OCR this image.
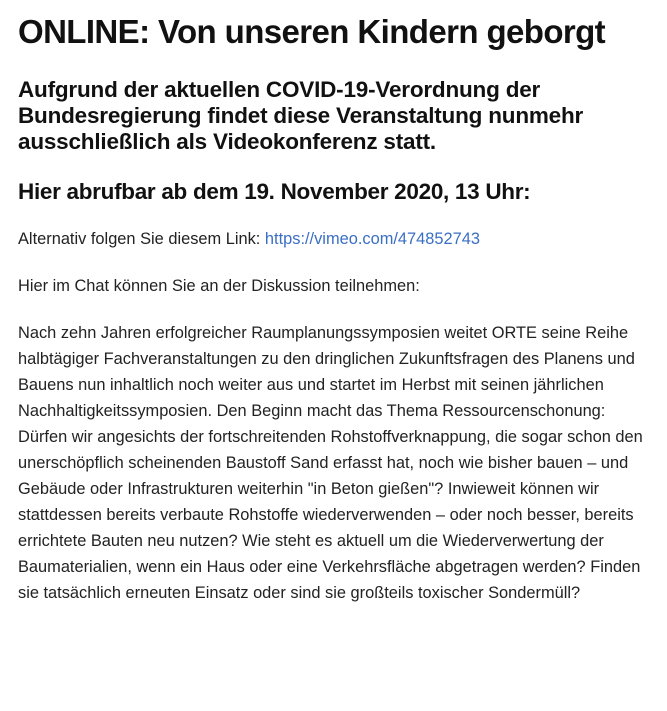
ONLINE: Von unseren Kindern geborgt
Aufgrund der aktuellen COVID-19-Verordnung der Bundesregierung findet diese Veranstaltung nunmehr ausschließlich als Videokonferenz statt.
Hier abrufbar ab dem 19. November 2020, 13 Uhr:

Alternativ folgen Sie diesem Link: https://vimeo.com/474852743

Hier im Chat können Sie an der Diskussion teilnehmen:

Nach zehn Jahren erfolgreicher Raumplanungssymposien weitet ORTE seine Reihe halbtägiger Fachveranstaltungen zu den dringlichen Zukunftsfragen des Planens und Bauens nun inhaltlich noch weiter aus und startet im Herbst mit seinen jährlichen Nachhaltigkeitssymposien. Den Beginn macht das Thema Ressourcenschonung: Dürfen wir angesichts der fortschreitenden Rohstoffverknappung, die sogar schon den unerschöpflich scheinenden Baustoff Sand erfasst hat, noch wie bisher bauen – und Gebäude oder Infrastrukturen weiterhin "in Beton gießen"? Inwieweit können wir stattdessen bereits verbaute Rohstoffe wiederverwenden – oder noch besser, bereits errichtete Bauten neu nutzen? Wie steht es aktuell um die Wiederverwertung der Baumaterialien, wenn ein Haus oder eine Verkehrsfläche abgetragen werden? Finden sie tatsächlich erneuten Einsatz oder sind sie großteils toxischer Sondermüll?
